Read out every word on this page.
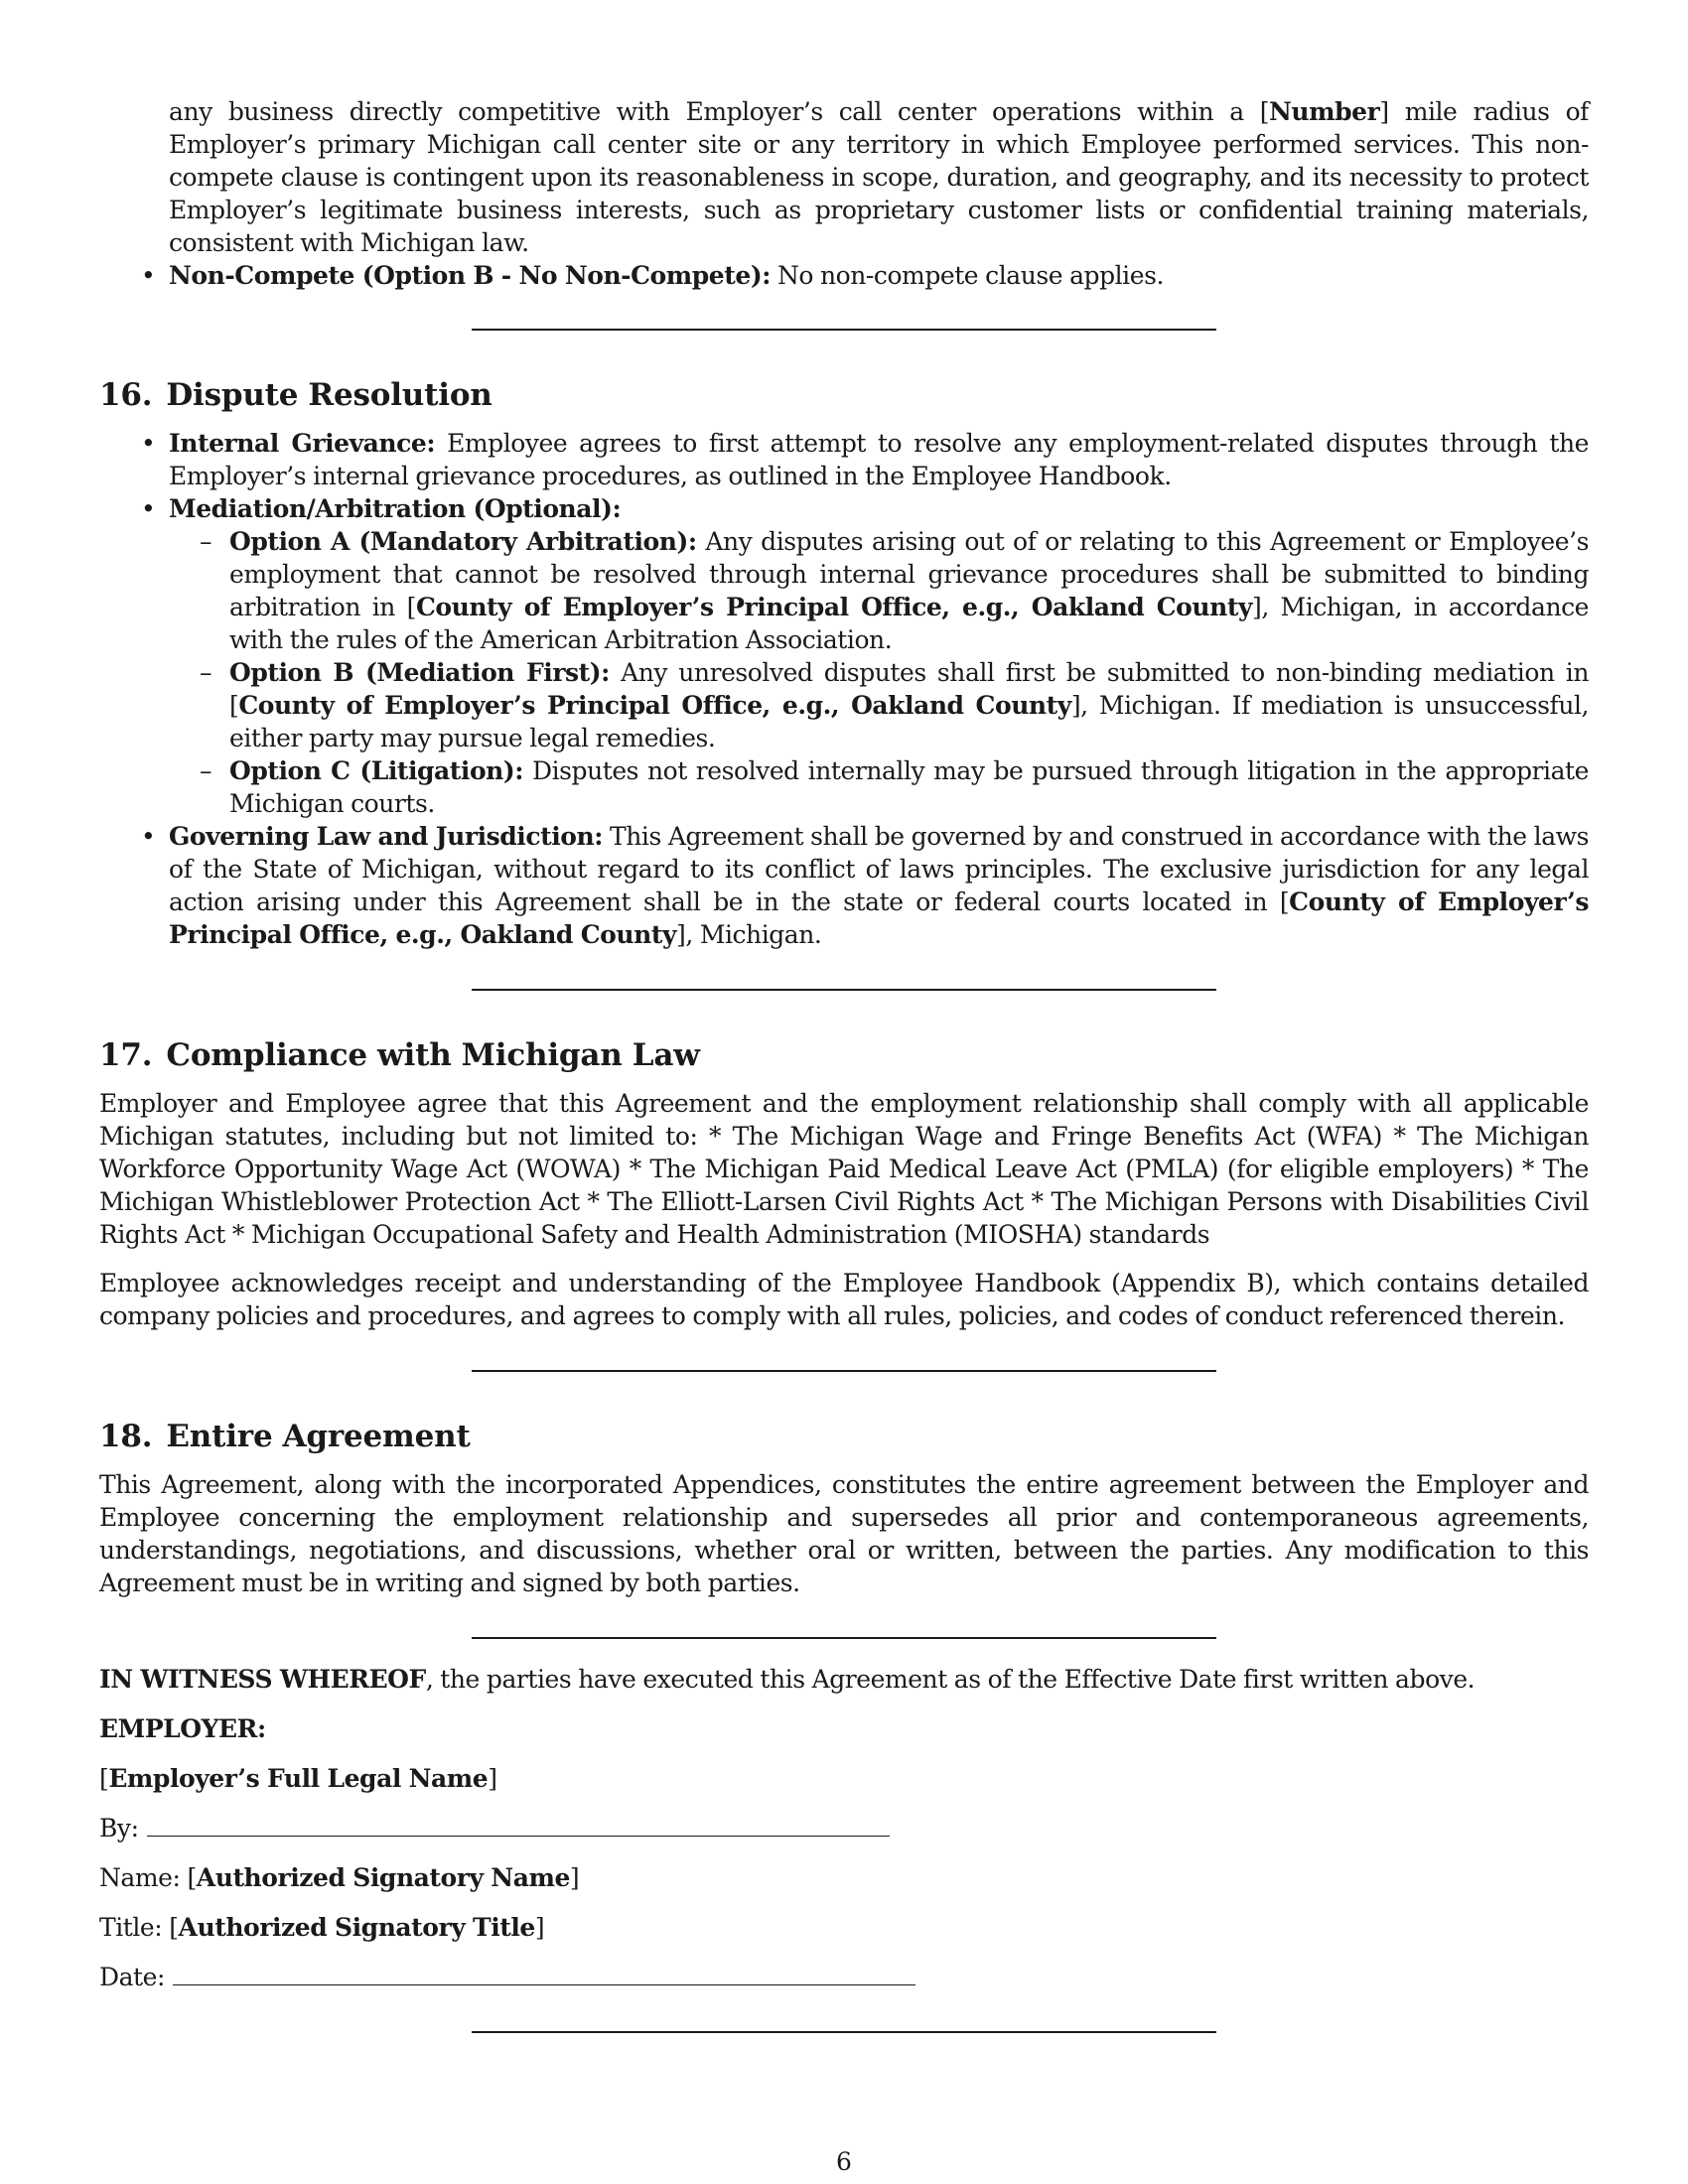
any business directly competitive with Employer’s call center operations within a [Number] mile radius of Employer’s primary Michigan call center site or any territory in which Employee performed services. This non-compete clause is contingent upon its reasonableness in scope, duration, and geography, and its necessity to protect Employer’s legitimate business interests, such as proprietary customer lists or confidential training materials, consistent with Michigan law.
• Non-Compete (Option B - No Non-Compete): No non-compete clause applies.
16. Dispute Resolution
• Internal Grievance: Employee agrees to first attempt to resolve any employment-related disputes through the Employer’s internal grievance procedures, as outlined in the Employee Handbook.
• Mediation/Arbitration (Optional):
– Option A (Mandatory Arbitration): Any disputes arising out of or relating to this Agreement or Employee’s employment that cannot be resolved through internal grievance procedures shall be submitted to binding arbitration in [County of Employer’s Principal Office, e.g., Oakland County], Michigan, in accordance with the rules of the American Arbitration Association.
– Option B (Mediation First): Any unresolved disputes shall first be submitted to non-binding mediation in [County of Employer’s Principal Office, e.g., Oakland County], Michigan. If mediation is unsuccessful, either party may pursue legal remedies.
– Option C (Litigation): Disputes not resolved internally may be pursued through litigation in the appropriate Michigan courts.
• Governing Law and Jurisdiction: This Agreement shall be governed by and construed in accordance with the laws of the State of Michigan, without regard to its conflict of laws principles. The exclusive jurisdiction for any legal action arising under this Agreement shall be in the state or federal courts located in [County of Employer’s Principal Office, e.g., Oakland County], Michigan.
17. Compliance with Michigan Law

Employer and Employee agree that this Agreement and the employment relationship shall comply with all applicable Michigan statutes, including but not limited to: * The Michigan Wage and Fringe Benefits Act (WFA) * The Michigan Workforce Opportunity Wage Act (WOWA) * The Michigan Paid Medical Leave Act (PMLA) (for eligible employers) * The Michigan Whistleblower Protection Act * The Elliott-Larsen Civil Rights Act * The Michigan Persons with Disabilities Civil Rights Act * Michigan Occupational Safety and Health Administration (MIOSHA) standards

Employee acknowledges receipt and understanding of the Employee Handbook (Appendix B), which contains detailed company policies and procedures, and agrees to comply with all rules, policies, and codes of conduct referenced therein.

18. Entire Agreement

This Agreement, along with the incorporated Appendices, constitutes the entire agreement between the Employer and Employee concerning the employment relationship and supersedes all prior and contemporaneous agreements, understandings, negotiations, and discussions, whether oral or written, between the parties. Any modification to this Agreement must be in writing and signed by both parties.

IN WITNESS WHEREOF, the parties have executed this Agreement as of the Effective Date first written above.

EMPLOYER:

[Employer’s Full Legal Name]

By:

Name: [Authorized Signatory Name]

Title: [Authorized Signatory Title]

Date:

6
